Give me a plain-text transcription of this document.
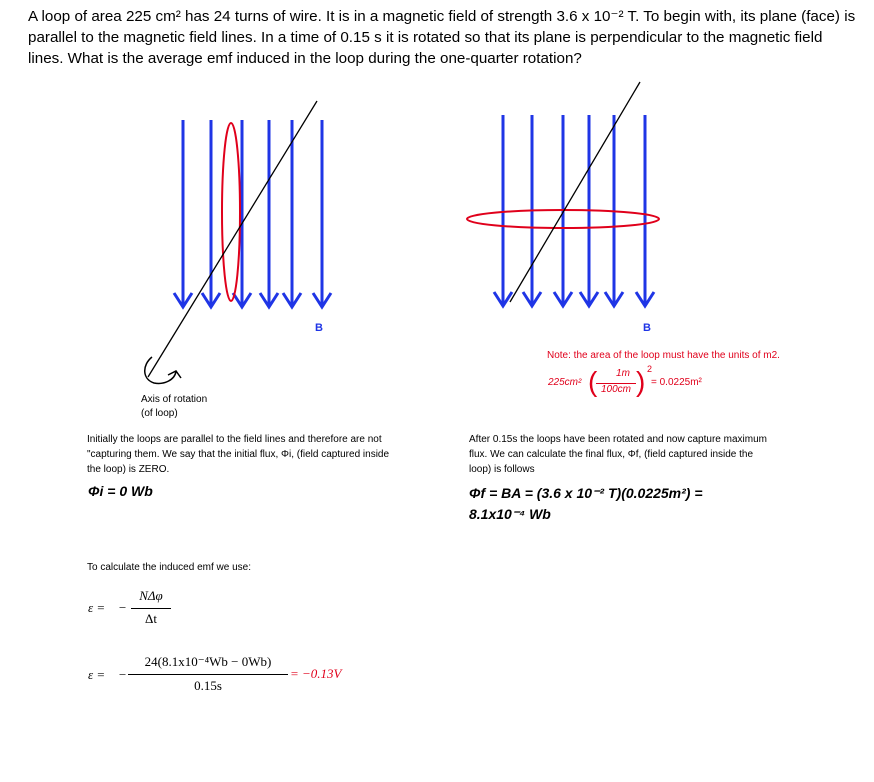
A loop of area 225 cm² has 24 turns of wire. It is in a magnetic field of strength 3.6 x 10⁻² T. To begin with, its plane (face) is parallel to the magnetic field lines. In a time of 0.15 s it is rotated so that its plane is perpendicular to the magnetic field lines. What is the average emf induced in the loop during the one-quarter rotation?
B
Axis of rotation
(of loop)
B
Note: the area of the loop must have the units of m2.
225cm² (	1m
100cm ) 2
= 0.0225m²
Initially the loops are parallel to the field lines and therefore are not "capturing them. We say that the initial flux, Φi, (field captured inside the loop) is ZERO.
Φi = 0 Wb
After 0.15s the loops have been rotated and now capture maximum flux. We can calculate the final flux, Φf, (field captured inside the loop) is follows
Φf = BA = (3.6 x 10⁻² T)(0.0225m²) =
8.1x10⁻⁴ Wb
To calculate the induced emf we use:
ε = −
NΔφ
Δt
ε = −
24(8.1x10⁻⁴Wb − 0Wb)
0.15s
= −0.13V
